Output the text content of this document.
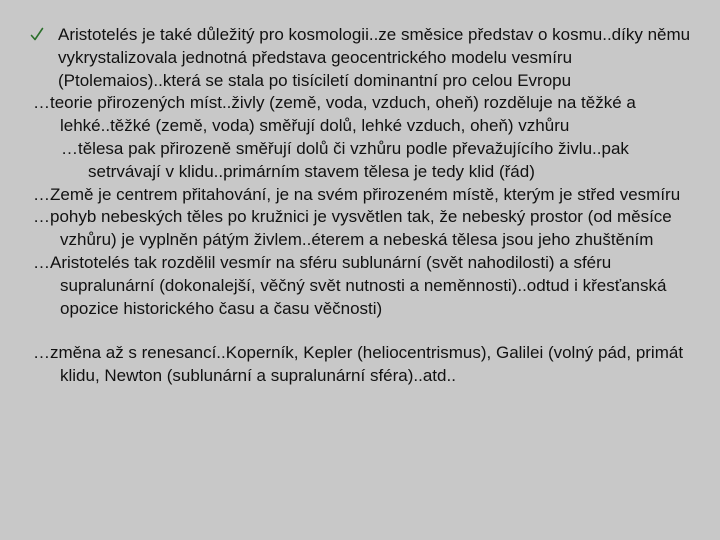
Aristotelés je také důležitý pro kosmologii..ze směsice představ o kosmu..díky němu vykrystalizovala jednotná představa geocentrického modelu vesmíru (Ptolemaios)..která se stala po tisíciletí dominantní pro celou Evropu

…teorie přirozených míst..živly (země, voda, vzduch, oheň) rozděluje na těžké a lehké..těžké (země, voda) směřují dolů, lehké vzduch, oheň) vzhůru

…tělesa pak přirozeně směřují dolů či vzhůru podle převažujícího živlu..pak setrvávají v klidu..primárním stavem tělesa je tedy klid (řád)

…Země je centrem přitahování, je na svém přirozeném místě, kterým je střed vesmíru

…pohyb nebeských těles po kružnici je vysvětlen tak, že nebeský prostor (od měsíce vzhůru) je vyplněn pátým živlem..éterem a nebeská tělesa jsou jeho zhuštěním

…Aristotelés tak rozdělil vesmír na sféru sublunární (svět nahodilosti) a sféru supralunární (dokonalejší, věčný svět nutnosti a neměnnosti)..odtud i křesťanská opozice historického času a času věčnosti)

…změna až s renesancí..Koperník, Kepler (heliocentrismus), Galilei (volný pád, primát klidu, Newton (sublunární a supralunární sféra)..atd..
